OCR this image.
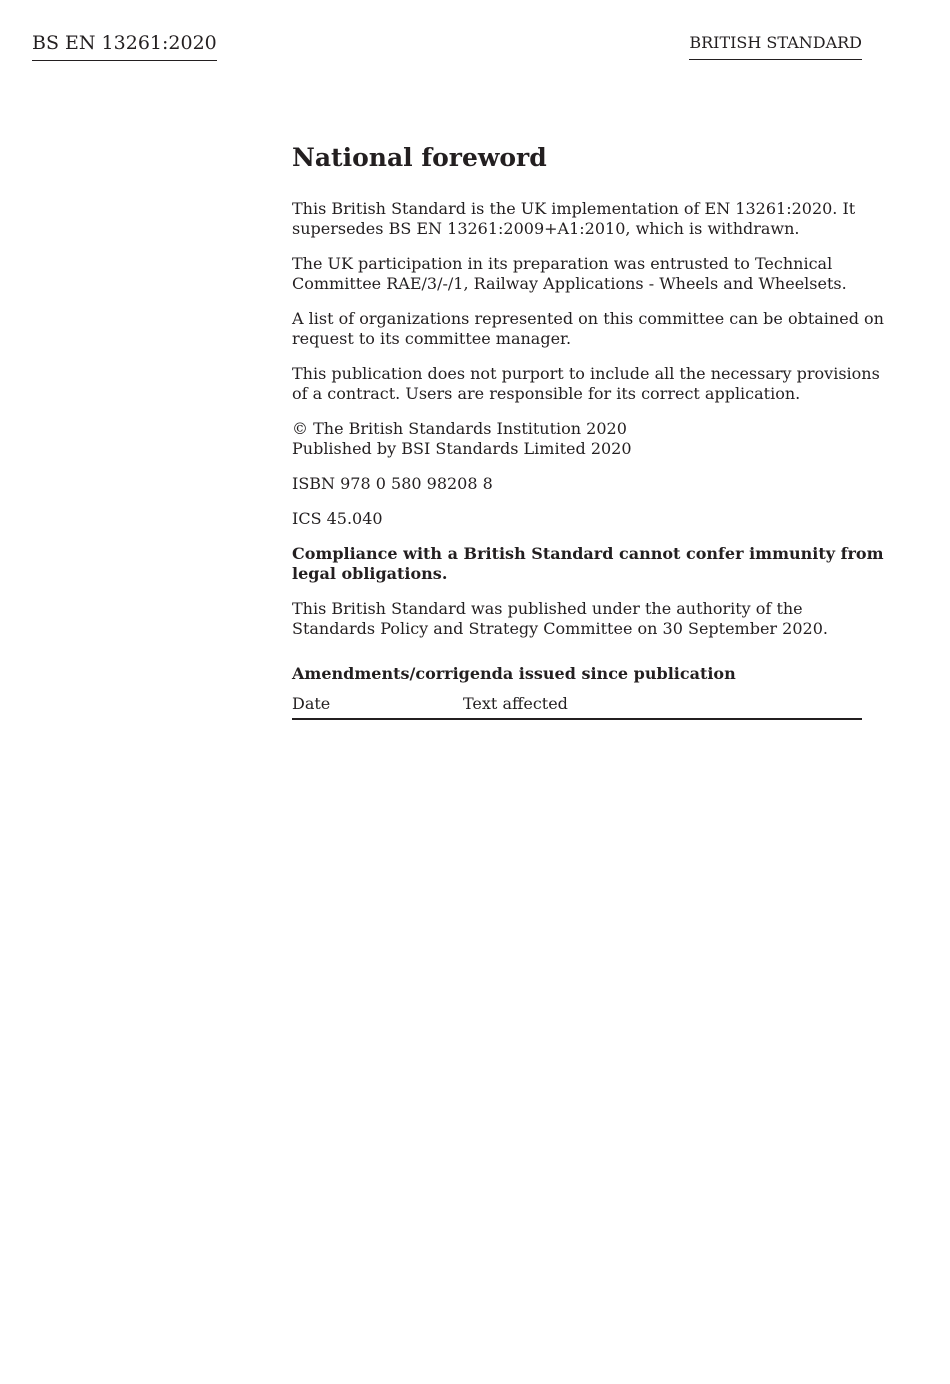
BS EN 13261:2020	BRITISH STANDARD
National foreword
This British Standard is the UK implementation of EN 13261:2020. It
supersedes BS EN 13261:2009+A1:2010, which is withdrawn.
The UK participation in its preparation was entrusted to Technical
Committee RAE/3/-/1, Railway Applications - Wheels and Wheelsets.
A list of organizations represented on this committee can be obtained on
request to its committee manager.
This publication does not purport to include all the necessary provisions
of a contract. Users are responsible for its correct application.
© The British Standards Institution 2020
Published by BSI Standards Limited 2020
ISBN 978 0 580 98208 8
ICS 45.040
Compliance with a British Standard cannot confer immunity from
legal obligations.
This British Standard was published under the authority of the
Standards Policy and Strategy Committee on 30 September 2020.
Amendments/corrigenda issued since publication
Date	Text affected
